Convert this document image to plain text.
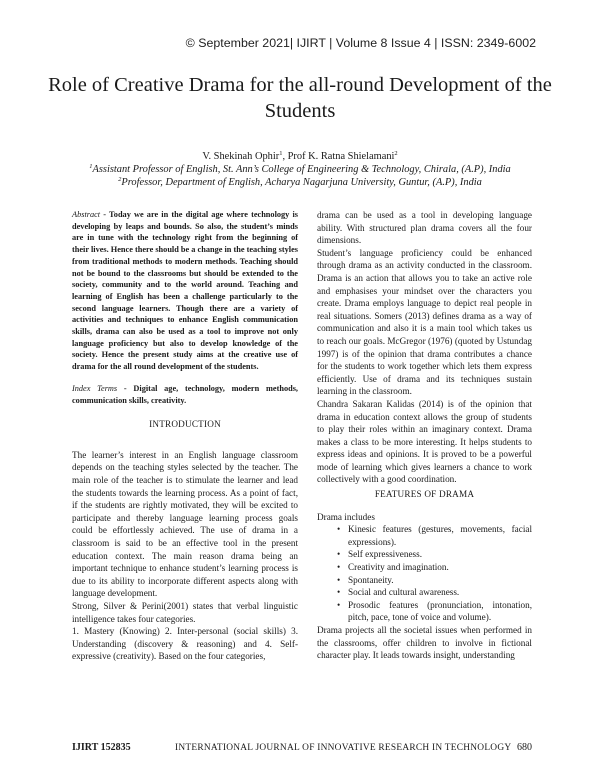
© September 2021| IJIRT | Volume 8 Issue 4 | ISSN: 2349-6002
Role of Creative Drama for the all-round Development of the Students
V. Shekinah Ophir$^1$, Prof K. Ratna Shielamani$^2$
$^1$Assistant Professor of English, St. Ann’s College of Engineering & Technology, Chirala, (A.P), India
$^2$Professor, Department of English, Acharya Nagarjuna University, Guntur, (A.P), India

Abstract - Today we are in the digital age where technology is developing by leaps and bounds. So also, the student’s minds are in tune with the technology right from the beginning of their lives. Hence there should be a change in the teaching styles from traditional methods to modern methods. Teaching should not be bound to the classrooms but should be extended to the society, community and to the world around. Teaching and learning of English has been a challenge particularly to the second language learners. Though there are a variety of activities and techniques to enhance English communication skills, drama can also be used as a tool to improve not only language proficiency but also to develop knowledge of the society. Hence the present study aims at the creative use of drama for the all round development of the students.

Index Terms - Digital age, technology, modern methods, communication skills, creativity.

INTRODUCTION

The learner’s interest in an English language classroom depends on the teaching styles selected by the teacher. The main role of the teacher is to stimulate the learner and lead the students towards the learning process. As a point of fact, if the students are rightly motivated, they will be excited to participate and thereby language learning process goals could be effortlessly achieved. The use of drama in a classroom is said to be an effective tool in the present education context. The main reason drama being an important technique to enhance student’s learning process is due to its ability to incorporate different aspects along with language development.

Strong, Silver & Perini(2001) states that verbal linguistic intelligence takes four categories.

1. Mastery (Knowing) 2. Inter-personal (social skills) 3. Understanding (discovery & reasoning) and 4. Self-expressive (creativity). Based on the four categories,

drama can be used as a tool in developing language ability. With structured plan drama covers all the four dimensions.

Student’s language proficiency could be enhanced through drama as an activity conducted in the classroom. Drama is an action that allows you to take an active role and emphasises your mindset over the characters you create. Drama employs language to depict real people in real situations. Somers (2013) defines drama as a way of communication and also it is a main tool which takes us to reach our goals. McGregor (1976) (quoted by Ustundag 1997) is of the opinion that drama contributes a chance for the students to work together which lets them express efficiently. Use of drama and its techniques sustain learning in the classroom.

Chandra Sakaran Kalidas (2014) is of the opinion that drama in education context allows the group of students to play their roles within an imaginary context. Drama makes a class to be more interesting. It helps students to express ideas and opinions. It is proved to be a powerful mode of learning which gives learners a chance to work collectively with a good coordination.

FEATURES OF DRAMA

Drama includes

• Kinesic features (gestures, movements, facial expressions).
• Self expressiveness.
• Creativity and imagination.
• Spontaneity.
• Social and cultural awareness.
• Prosodic features (pronunciation, intonation, pitch, pace, tone of voice and volume).

Drama projects all the societal issues when performed in the classrooms, offer children to involve in fictional character play. It leads towards insight, understanding

IJIRT 152835	INTERNATIONAL JOURNAL OF INNOVATIVE RESEARCH IN TECHNOLOGY 680
